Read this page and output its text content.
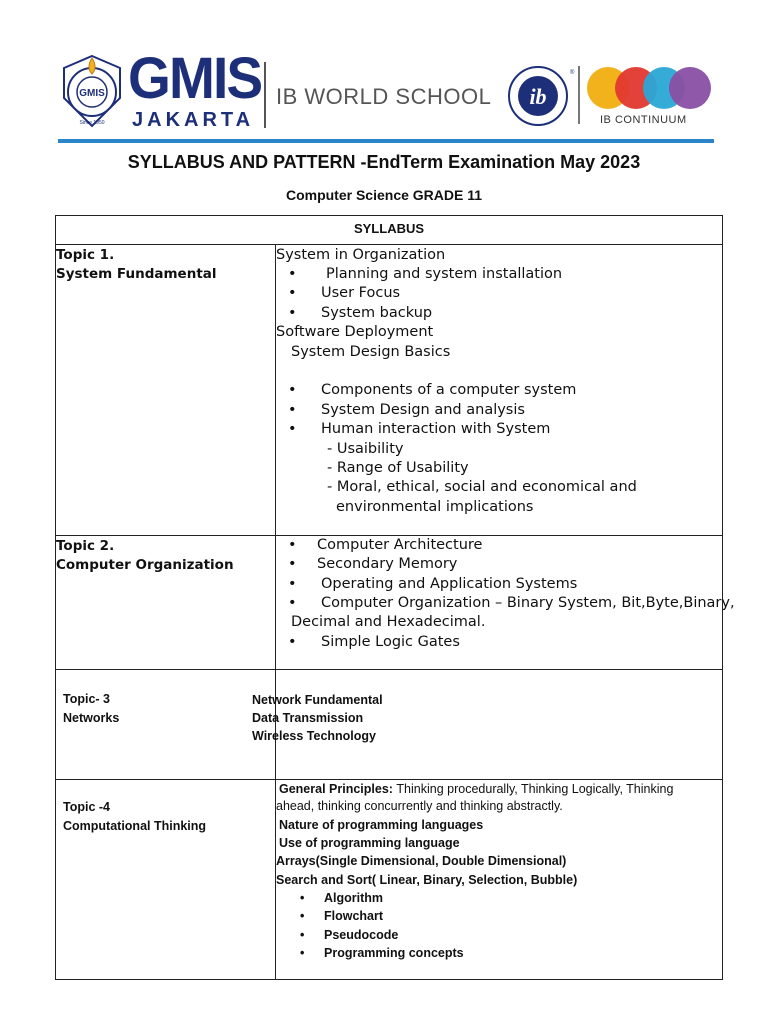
GMIS
Since 1950
GMIS
JAKARTA
IB WORLD SCHOOL ib
®
IB CONTINUUM
SYLLABUS AND PATTERN -EndTerm Examination May 2023
Computer Science GRADE 11
SYLLABUS
Topic 1.
System Fundamental
System in Organization
• Planning and system installation
• User Focus
• System backup
Software Deployment
System Design Basics
• Components of a computer system
• System Design and analysis
• Human interaction with System
- Usaibility
- Range of Usability
- Moral, ethical, social and economical and
environmental implications
Topic 2.
Computer Organization
• Computer Architecture
• Secondary Memory
• Operating and Application Systems
• Computer Organization – Binary System, Bit,Byte,Binary,
Decimal and Hexadecimal.
• Simple Logic Gates
Topic- 3
Networks
Network Fundamental
Data Transmission
Wireless Technology
Topic -4
Computational Thinking
General Principles: Thinking procedurally, Thinking Logically, Thinking
ahead, thinking concurrently and thinking abstractly.
Nature of programming languages
Use of programming language
Arrays(Single Dimensional, Double Dimensional)
Search and Sort( Linear, Binary, Selection, Bubble)
• Algorithm
• Flowchart
• Pseudocode
• Programming concepts
